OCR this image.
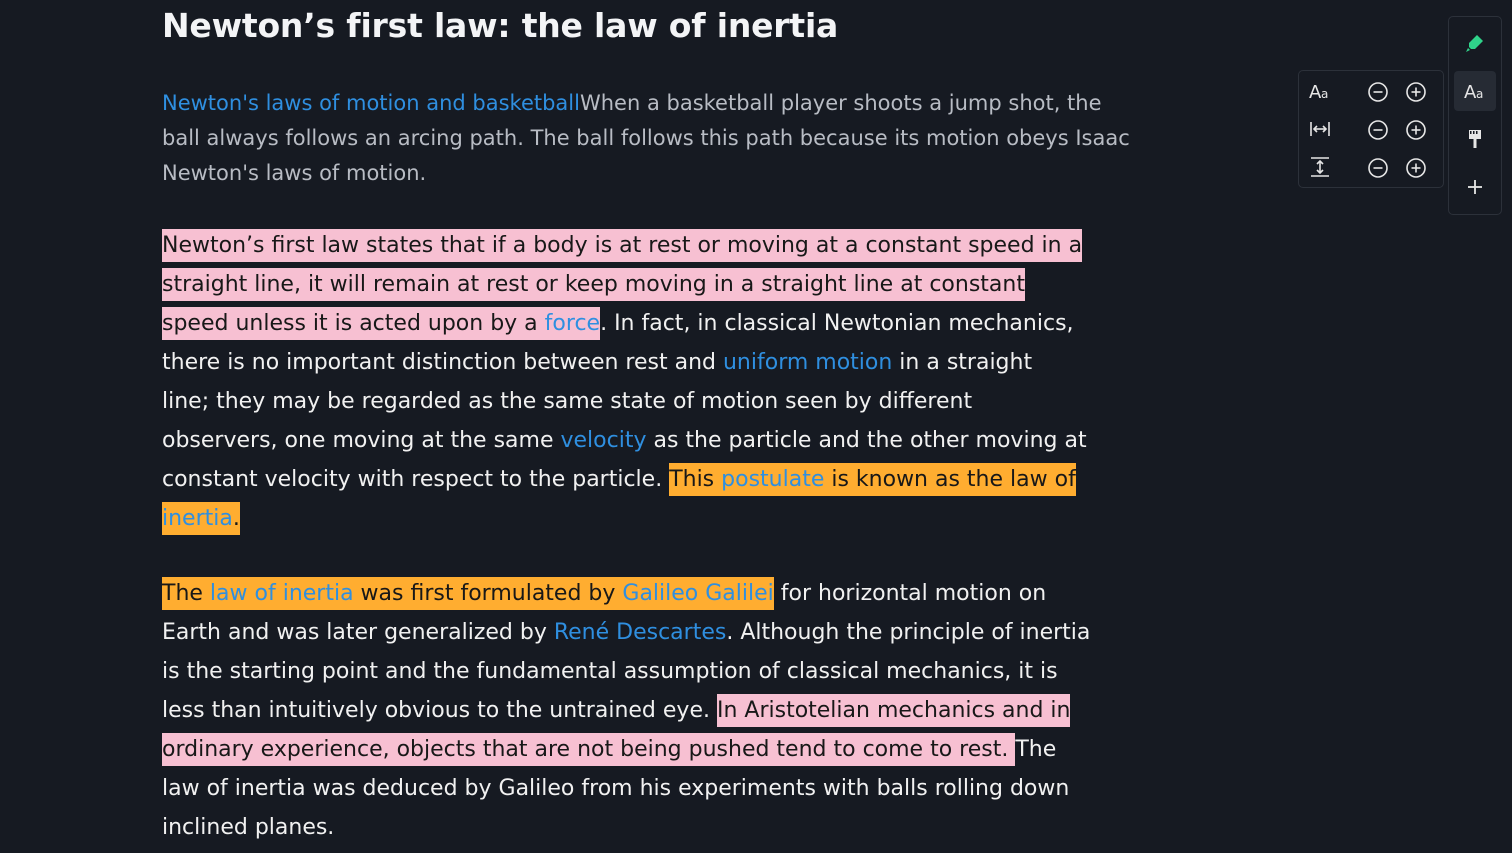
Newton’s first law: the law of inertia
Newton's laws of motion and basketballWhen a basketball player shoots a jump shot, the
ball always follows an arcing path. The ball follows this path because its motion obeys Isaac
Newton's laws of motion.
Newton’s first law states that if a body is at rest or moving at a constant speed in a
straight line, it will remain at rest or keep moving in a straight line at constant
speed unless it is acted upon by a force. In fact, in classical Newtonian mechanics,
there is no important distinction between rest and uniform motion in a straight
line; they may be regarded as the same state of motion seen by different
observers, one moving at the same velocity as the particle and the other moving at
constant velocity with respect to the particle. This postulate is known as the law of
inertia.
The law of inertia was first formulated by Galileo Galilei for horizontal motion on
Earth and was later generalized by René Descartes. Although the principle of inertia
is the starting point and the fundamental assumption of classical mechanics, it is
less than intuitively obvious to the untrained eye. In Aristotelian mechanics and in
ordinary experience, objects that are not being pushed tend to come to rest. The
law of inertia was deduced by Galileo from his experiments with balls rolling down
inclined planes.
A a	A a
